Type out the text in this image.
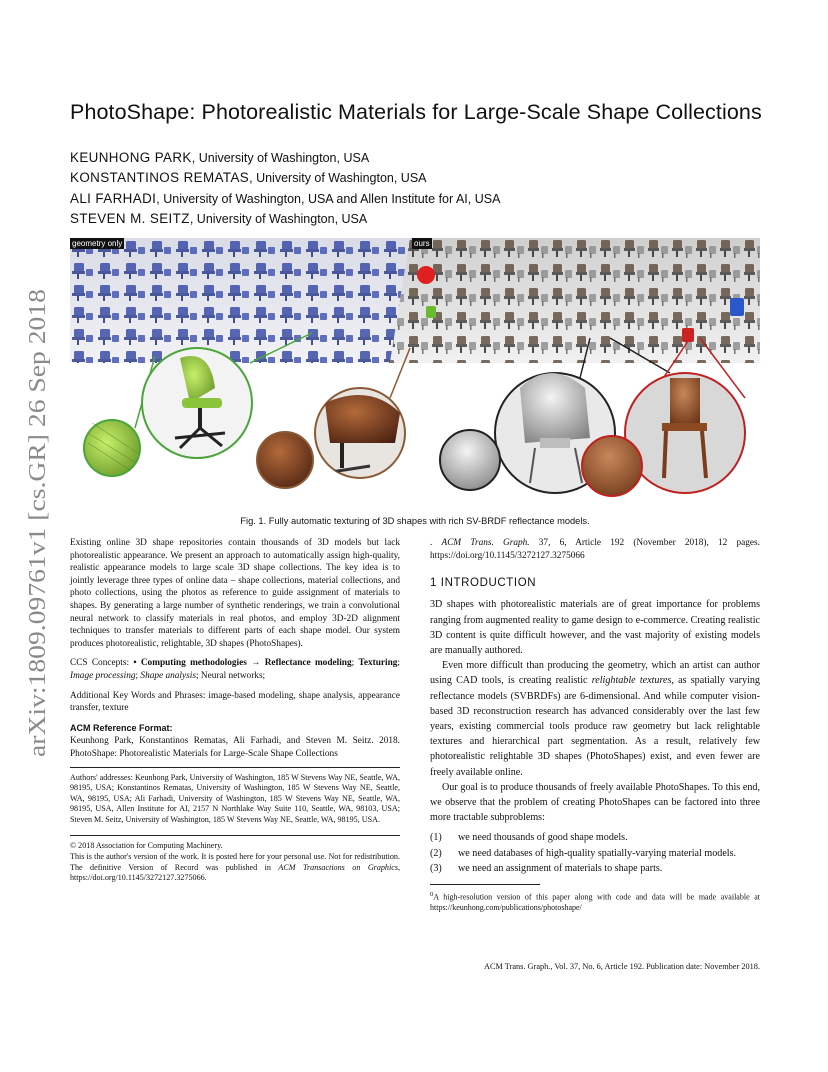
arXiv:1809.09761v1 [cs.GR] 26 Sep 2018
PhotoShape: Photorealistic Materials for Large-Scale Shape Collections
KEUNHONG PARK, University of Washington, USA
KONSTANTINOS REMATAS, University of Washington, USA
ALI FARHADI, University of Washington, USA and Allen Institute for AI, USA
STEVEN M. SEITZ, University of Washington, USA
geometry only	ours
Fig. 1. Fully automatic texturing of 3D shapes with rich SV-BRDF reflectance models.

Existing online 3D shape repositories contain thousands of 3D models but lack photorealistic appearance. We present an approach to automatically assign high-quality, realistic appearance models to large scale 3D shape collections. The key idea is to jointly leverage three types of online data – shape collections, material collections, and photo collections, using the photos as reference to guide assignment of materials to shapes. By generating a large number of synthetic renderings, we train a convolutional neural network to classify materials in real photos, and employ 3D-2D alignment techniques to transfer materials to different parts of each shape model. Our system produces photorealistic, relightable, 3D shapes (PhotoShapes).

CCS Concepts: • Computing methodologies → Reflectance modeling; Texturing; Image processing; Shape analysis; Neural networks;

Additional Key Words and Phrases: image-based modeling, shape analysis, appearance transfer, texture

ACM Reference Format:
Keunhong Park, Konstantinos Rematas, Ali Farhadi, and Steven M. Seitz. 2018. PhotoShape: Photorealistic Materials for Large-Scale Shape Collections

Authors' addresses: Keunhong Park, University of Washington, 185 W Stevens Way NE, Seattle, WA, 98195, USA; Konstantinos Rematas, University of Washington, 185 W Stevens Way NE, Seattle, WA, 98195, USA; Ali Farhadi, University of Washington, 185 W Stevens Way NE, Seattle, WA, 98195, USA, Allen Institute for AI, 2157 N Northlake Way Suite 110, Seattle, WA, 98103, USA; Steven M. Seitz, University of Washington, 185 W Stevens Way NE, Seattle, WA, 98195, USA.

© 2018 Association for Computing Machinery.
This is the author's version of the work. It is posted here for your personal use. Not for redistribution. The definitive Version of Record was published in ACM Transactions on Graphics, https://doi.org/10.1145/3272127.3275066.

. ACM Trans. Graph. 37, 6, Article 192 (November 2018), 12 pages. https://doi.org/10.1145/3272127.3275066

1 INTRODUCTION

3D shapes with photorealistic materials are of great importance for problems ranging from augmented reality to game design to e-commerce. Creating realistic 3D content is quite difficult however, and the vast majority of existing models are manually authored.

Even more difficult than producing the geometry, which an artist can author using CAD tools, is creating realistic relightable textures, as spatially varying reflectance models (SVBRDFs) are 6-dimensional. And while computer vision-based 3D reconstruction research has advanced considerably over the last few years, existing commercial tools produce raw geometry but lack relightable textures and hierarchical part segmentation. As a result, relatively few photorealistic relightable 3D shapes (PhotoShapes) exist, and even fewer are freely available online.

Our goal is to produce thousands of freely available PhotoShapes. To this end, we observe that the problem of creating PhotoShapes can be factored into three more tractable subproblems:

(1)	we need thousands of good shape models.
(2)	we need databases of high-quality spatially-varying material models.
(3)	we need an assignment of materials to shape parts.

$^0$A high-resolution version of this paper along with code and data will be made available at https://keunhong.com/publications/photoshape/

ACM Trans. Graph., Vol. 37, No. 6, Article 192. Publication date: November 2018.
